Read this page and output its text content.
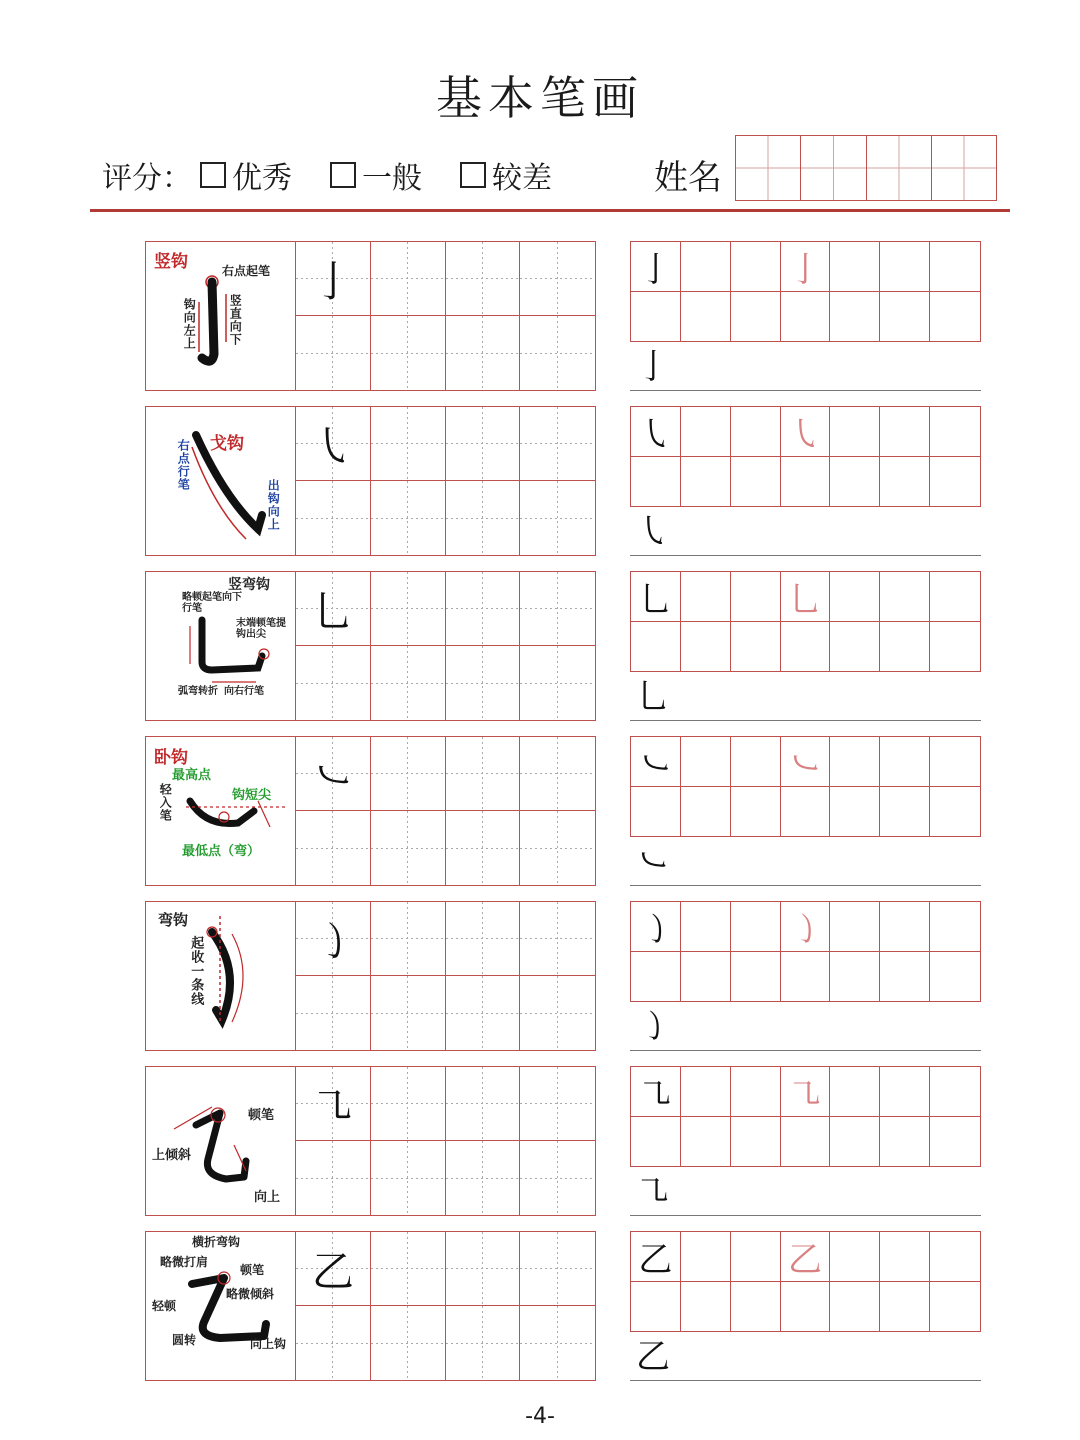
基本笔画
评分： 优秀 一般 较差	姓名
竖钩	右点起笔
竖直向下
钩向左上
亅	亅	亅
亅
戈钩
右点行笔
出钩向上
㇂	㇂	㇂
㇂
竖弯钩
略顿起笔向下行笔
末端顿笔提钩出尖
弧弯转折 向右行笔
乚	乚	乚
乚
卧钩
最高点
轻入笔	钩短尖
最低点（弯）
㇃	㇃	㇃
㇃
弯钩
起收一条线	㇁	㇁	㇁
㇁
顿笔
上倾斜
向上
㇈	㇈	㇈
㇈
横折弯钩
略微打肩
顿笔
略微倾斜
轻顿
圆转	向上钩
乙	乙	乙
乙
-4-
